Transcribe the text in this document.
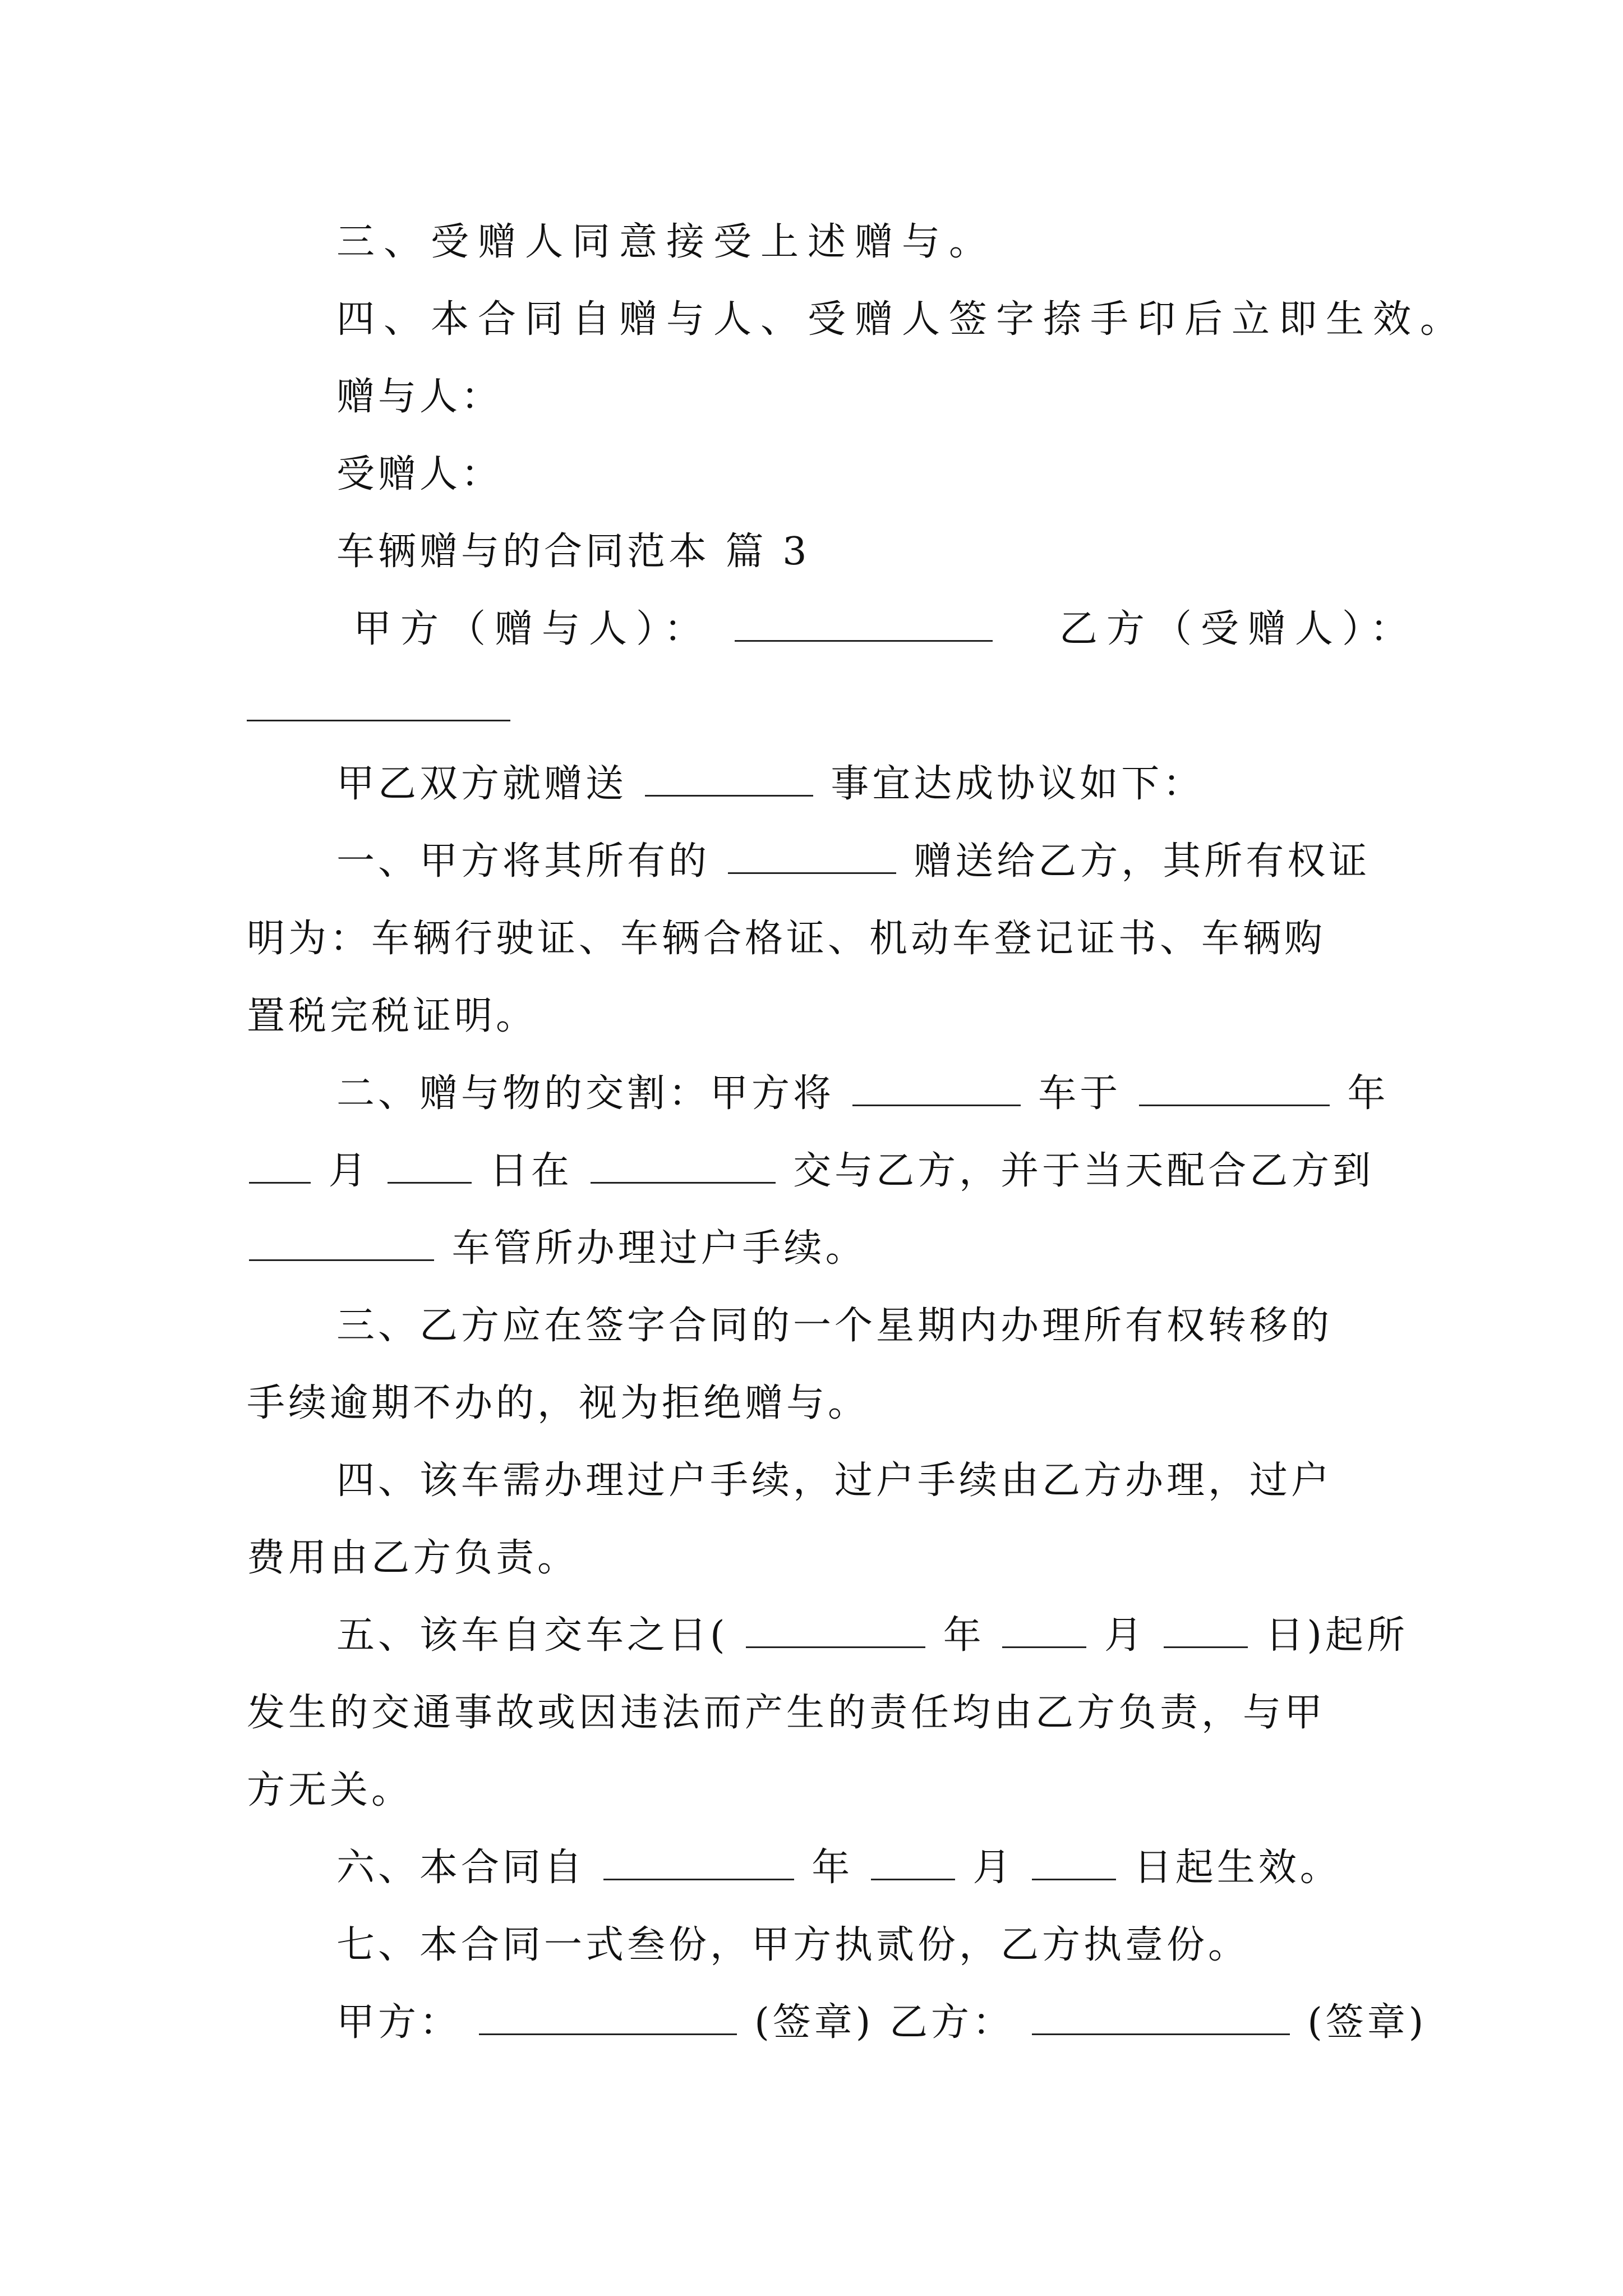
三、受赠人同意接受上述赠与。
四、本合同自赠与人、受赠人签字捺手印后立即生效。
赠与人：
受赠人：
车辆赠与的合同范本 篇 3
甲方（赠与人）：	乙方（受赠人）：
甲乙双方就赠送	事宜达成协议如下：
一、甲方将其所有的	赠送给乙方，其所有权证
明为：车辆行驶证、车辆合格证、机动车登记证书、车辆购
置税完税证明。
二、赠与物的交割：甲方将	车于	年
月	日在	交与乙方，并于当天配合乙方到
车管所办理过户手续。
三、乙方应在签字合同的一个星期内办理所有权转移的
手续逾期不办的，视为拒绝赠与。
四、该车需办理过户手续，过户手续由乙方办理，过户
费用由乙方负责。
五、该车自交车之日(	年	月	日)起所
发生的交通事故或因违法而产生的责任均由乙方负责，与甲
方无关。
六、本合同自	年	月	日起生效。
七、本合同一式叁份，甲方执贰份，乙方执壹份。
甲方：	(签章) 乙方：	(签章)
